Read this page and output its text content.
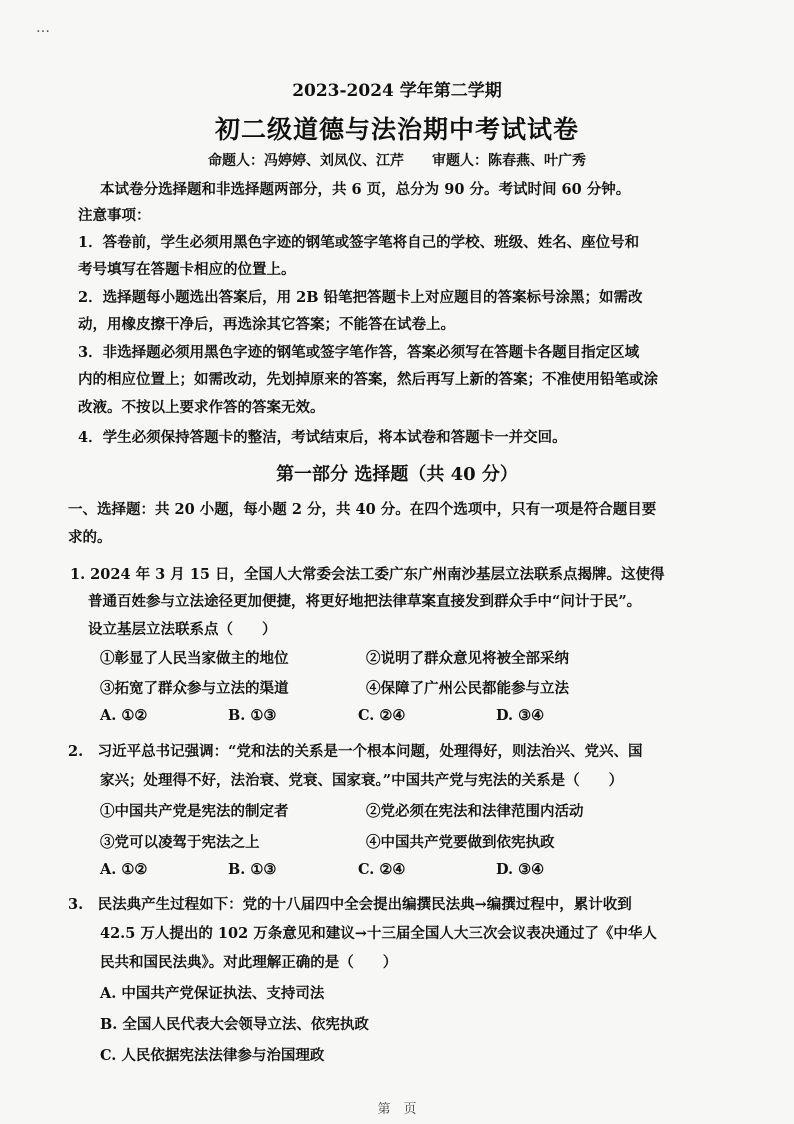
…
2023-2024 学年第二学期
初二级道德与法治期中考试试卷
命题人：冯婷婷、刘凤仪、江芹　　审题人：陈春燕、叶广秀
本试卷分选择题和非选择题两部分，共 6 页，总分为 90 分。考试时间 60 分钟。
注意事项：
1．答卷前，学生必须用黑色字迹的钢笔或签字笔将自己的学校、班级、姓名、座位号和
考号填写在答题卡相应的位置上。
2．选择题每小题选出答案后，用 2B 铅笔把答题卡上对应题目的答案标号涂黑；如需改
动，用橡皮擦干净后，再选涂其它答案；不能答在试卷上。
3．非选择题必须用黑色字迹的钢笔或签字笔作答，答案必须写在答题卡各题目指定区域
内的相应位置上；如需改动，先划掉原来的答案，然后再写上新的答案；不准使用铅笔或涂
改液。不按以上要求作答的答案无效。
4．学生必须保持答题卡的整洁，考试结束后，将本试卷和答题卡一并交回。
第一部分 选择题（共 40 分）
一、选择题：共 20 小题，每小题 2 分，共 40 分。在四个选项中，只有一项是符合题目要
求的。
1. 2024 年 3 月 15 日，全国人大常委会法工委广东广州南沙基层立法联系点揭牌。这使得
普通百姓参与立法途径更加便捷，将更好地把法律草案直接发到群众手中“问计于民”。
设立基层立法联系点（　　）
①彰显了人民当家做主的地位	②说明了群众意见将被全部采纳
③拓宽了群众参与立法的渠道	④保障了广州公民都能参与立法
A. ①②	B. ①③	C. ②④	D. ③④
2.　习近平总书记强调：“党和法的关系是一个根本问题，处理得好，则法治兴、党兴、国
家兴；处理得不好，法治衰、党衰、国家衰。”中国共产党与宪法的关系是（　　）
①中国共产党是宪法的制定者	②党必须在宪法和法律范围内活动
③党可以凌驾于宪法之上	④中国共产党要做到依宪执政
A. ①②	B. ①③	C. ②④	D. ③④
3.　民法典产生过程如下：党的十八届四中全会提出编撰民法典→编撰过程中，累计收到
42.5 万人提出的 102 万条意见和建议→十三届全国人大三次会议表决通过了《中华人
民共和国民法典》。对此理解正确的是（　　）
A. 中国共产党保证执法、支持司法
B. 全国人民代表大会领导立法、依宪执政
C. 人民依据宪法法律参与治国理政
第　页
